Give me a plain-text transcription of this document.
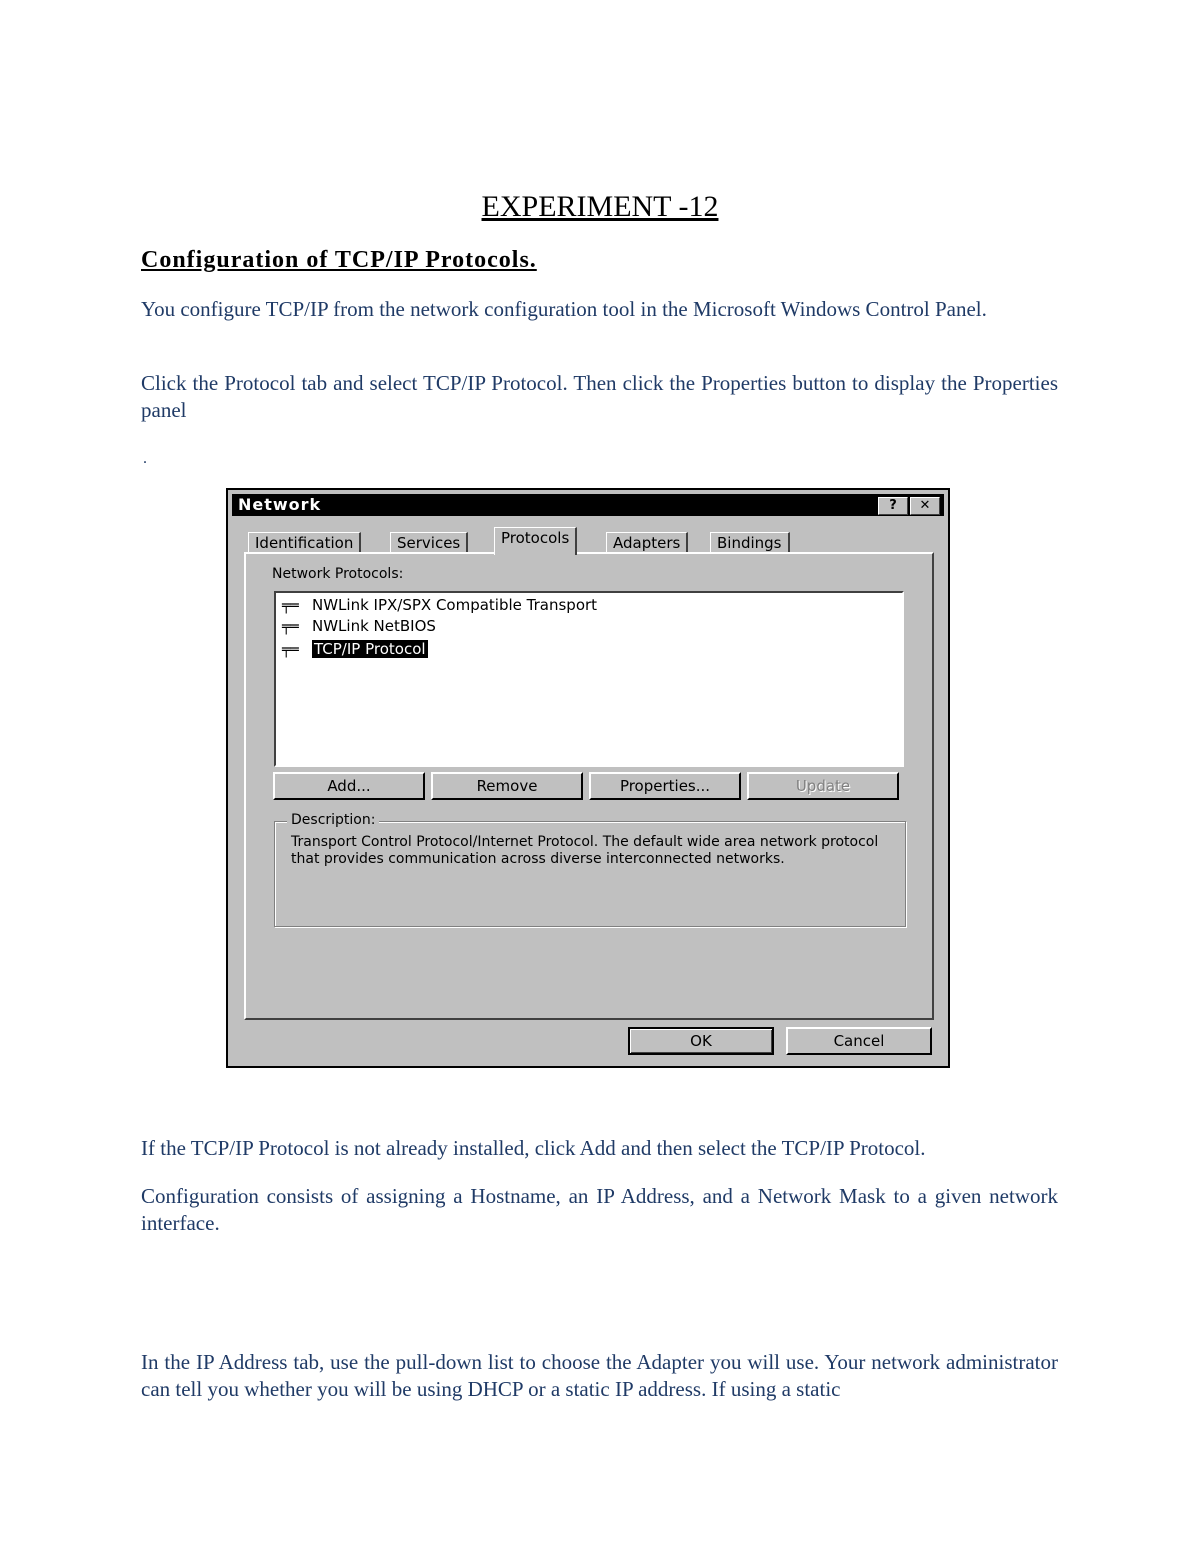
EXPERIMENT -12
Configuration of TCP/IP Protocols.
You configure TCP/IP from the network configuration tool in the Microsoft Windows Control Panel.
Click the Protocol tab and select TCP/IP Protocol. Then click the Properties button to display the Properties panel
.
Network	?	✕
Identification	Services	Protocols	Adapters	Bindings
Network Protocols:
╤═ NWLink IPX/SPX Compatible Transport
╤═ NWLink NetBIOS
╤═ TCP/IP Protocol
Add...	Remove	Properties...	Update
Description:
Transport Control Protocol/Internet Protocol. The default wide area network protocol that provides communication across diverse interconnected networks.
OK	Cancel
If the TCP/IP Protocol is not already installed, click Add and then select the TCP/IP Protocol.
Configuration consists of assigning a Hostname, an IP Address, and a Network Mask to a given network interface.
In the IP Address tab, use the pull-down list to choose the Adapter you will use. Your network administrator can tell you whether you will be using DHCP or a static IP address. If using a static
